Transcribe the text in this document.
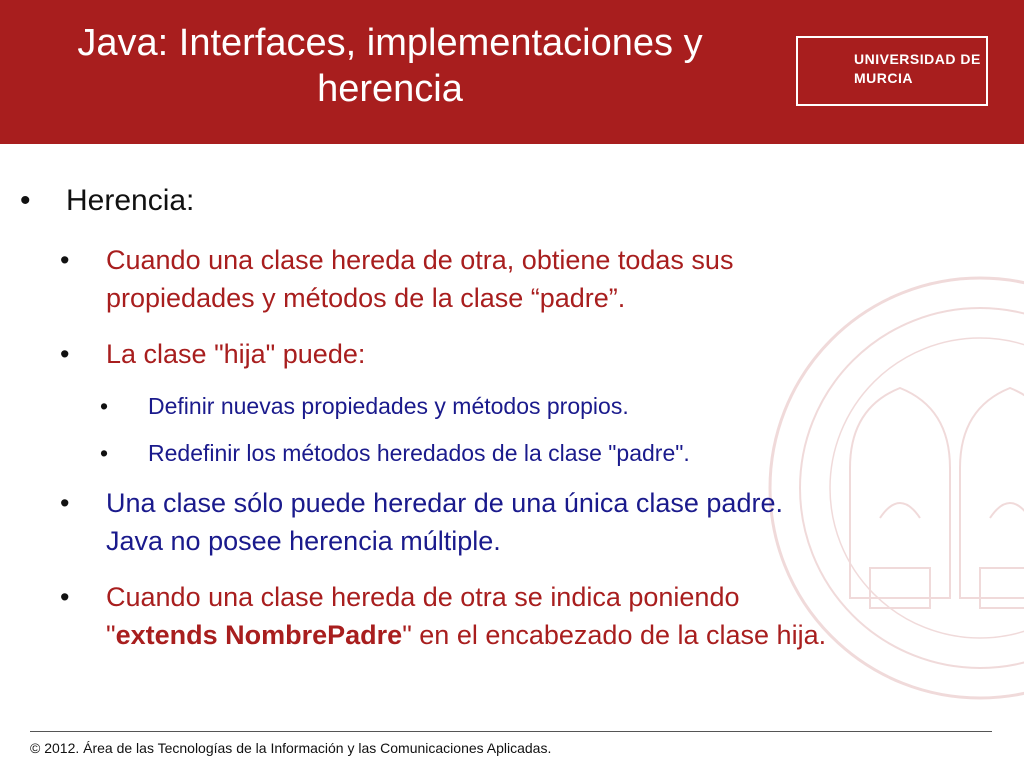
Java: Interfaces, implementaciones y
herencia
UNIVERSIDAD DE
MURCIA
• Herencia:
• Cuando una clase hereda de otra, obtiene todas sus
propiedades y métodos de la clase “padre”.
• La clase "hija" puede:
• Definir nuevas propiedades y métodos propios.
• Redefinir los métodos heredados de la clase "padre".
• Una clase sólo puede heredar de una única clase padre.
Java no posee herencia múltiple.
• Cuando una clase hereda de otra se indica poniendo
"extends NombrePadre" en el encabezado de la clase hija.
© 2012. Área de las Tecnologías de la Información y las Comunicaciones Aplicadas.
